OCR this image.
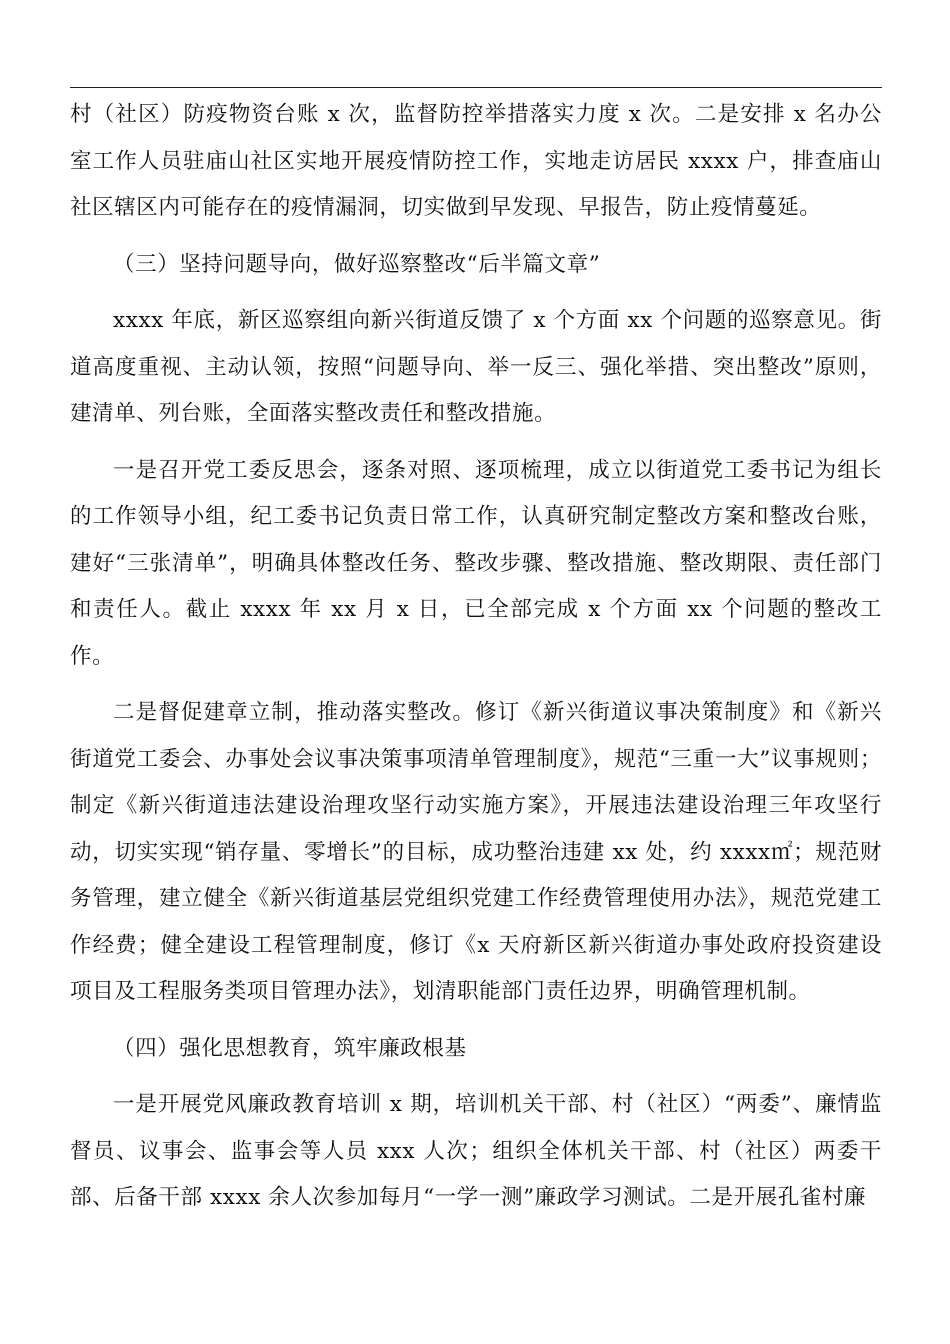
村（社区）防疫物资台账 x 次，监督防控举措落实力度 x 次。二是安排 x 名办公室工作人员驻庙山社区实地开展疫情防控工作，实地走访居民 xxxx 户，排查庙山社区辖区内可能存在的疫情漏洞，切实做到早发现、早报告，防止疫情蔓延。

（三）坚持问题导向，做好巡察整改“后半篇文章”

xxxx 年底，新区巡察组向新兴街道反馈了 x 个方面 xx 个问题的巡察意见。街道高度重视、主动认领，按照“问题导向、举一反三、强化举措、突出整改”原则，建清单、列台账，全面落实整改责任和整改措施。

一是召开党工委反思会，逐条对照、逐项梳理，成立以街道党工委书记为组长的工作领导小组，纪工委书记负责日常工作，认真研究制定整改方案和整改台账，建好“三张清单”，明确具体整改任务、整改步骤、整改措施、整改期限、责任部门和责任人。截止 xxxx 年 xx 月 x 日，已全部完成 x 个方面 xx 个问题的整改工作。

二是督促建章立制，推动落实整改。修订《新兴街道议事决策制度》和《新兴街道党工委会、办事处会议事决策事项清单管理制度》，规范“三重一大”议事规则；制定《新兴街道违法建设治理攻坚行动实施方案》，开展违法建设治理三年攻坚行动，切实实现“销存量、零增长”的目标，成功整治违建 xx 处，约 xxxx㎡；规范财务管理，建立健全《新兴街道基层党组织党建工作经费管理使用办法》，规范党建工作经费；健全建设工程管理制度，修订《x 天府新区新兴街道办事处政府投资建设项目及工程服务类项目管理办法》，划清职能部门责任边界，明确管理机制。

（四）强化思想教育，筑牢廉政根基

一是开展党风廉政教育培训 x 期，培训机关干部、村（社区）“两委”、廉情监督员、议事会、监事会等人员 xxx 人次；组织全体机关干部、村（社区）两委干部、后备干部 xxxx 余人次参加每月“一学一测”廉政学习测试。二是开展孔雀村廉
